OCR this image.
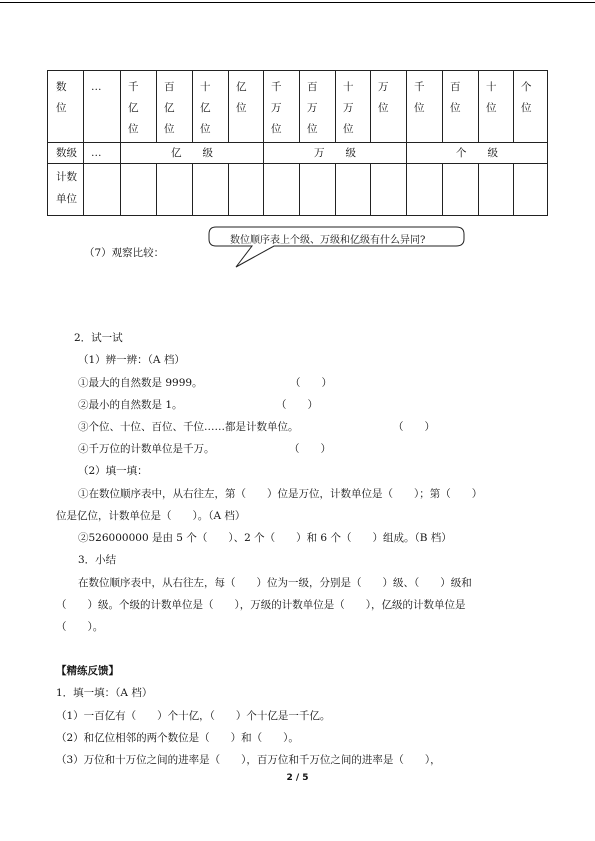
数位	…	千亿位	百亿位	十亿位	亿位	千万位	百万位	十万位	万位	千位	百位	十位	个位

数级	…	亿　　级				万　　级				个　　级			

计数单位													

（7）观察比较：
数位顺序表上个级、万级和亿级有什么异同?
2．试一试
（1）辨一辨：（A 档）
①最大的自然数是 9999。	（　　）
②最小的自然数是 1。	（　　）
③个位、十位、百位、千位……都是计数单位。	（　　）
④千万位的计数单位是千万。	（　　）
（2）填一填：
①在数位顺序表中，从右往左，第（　　）位是万位，计数单位是（　　）；第（　　）
位是亿位，计数单位是（　　）。（A 档）
②526000000 是由 5 个（　　）、2 个（　　）和 6 个（　　）组成。（B 档）
3．小结
在数位顺序表中，从右往左，每（　　）位为一级，分别是（　　）级、（　　）级和
（　　）级。个级的计数单位是（　　），万级的计数单位是（　　），亿级的计数单位是
（　　）。
【精练反馈】
1．填一填：（A 档）
（1）一百亿有（　　）个十亿，（　　）个十亿是一千亿。
（2）和亿位相邻的两个数位是（　　）和（　　）。
（3）万位和十万位之间的进率是（　　），百万位和千万位之间的进率是（　　），
2 / 5
